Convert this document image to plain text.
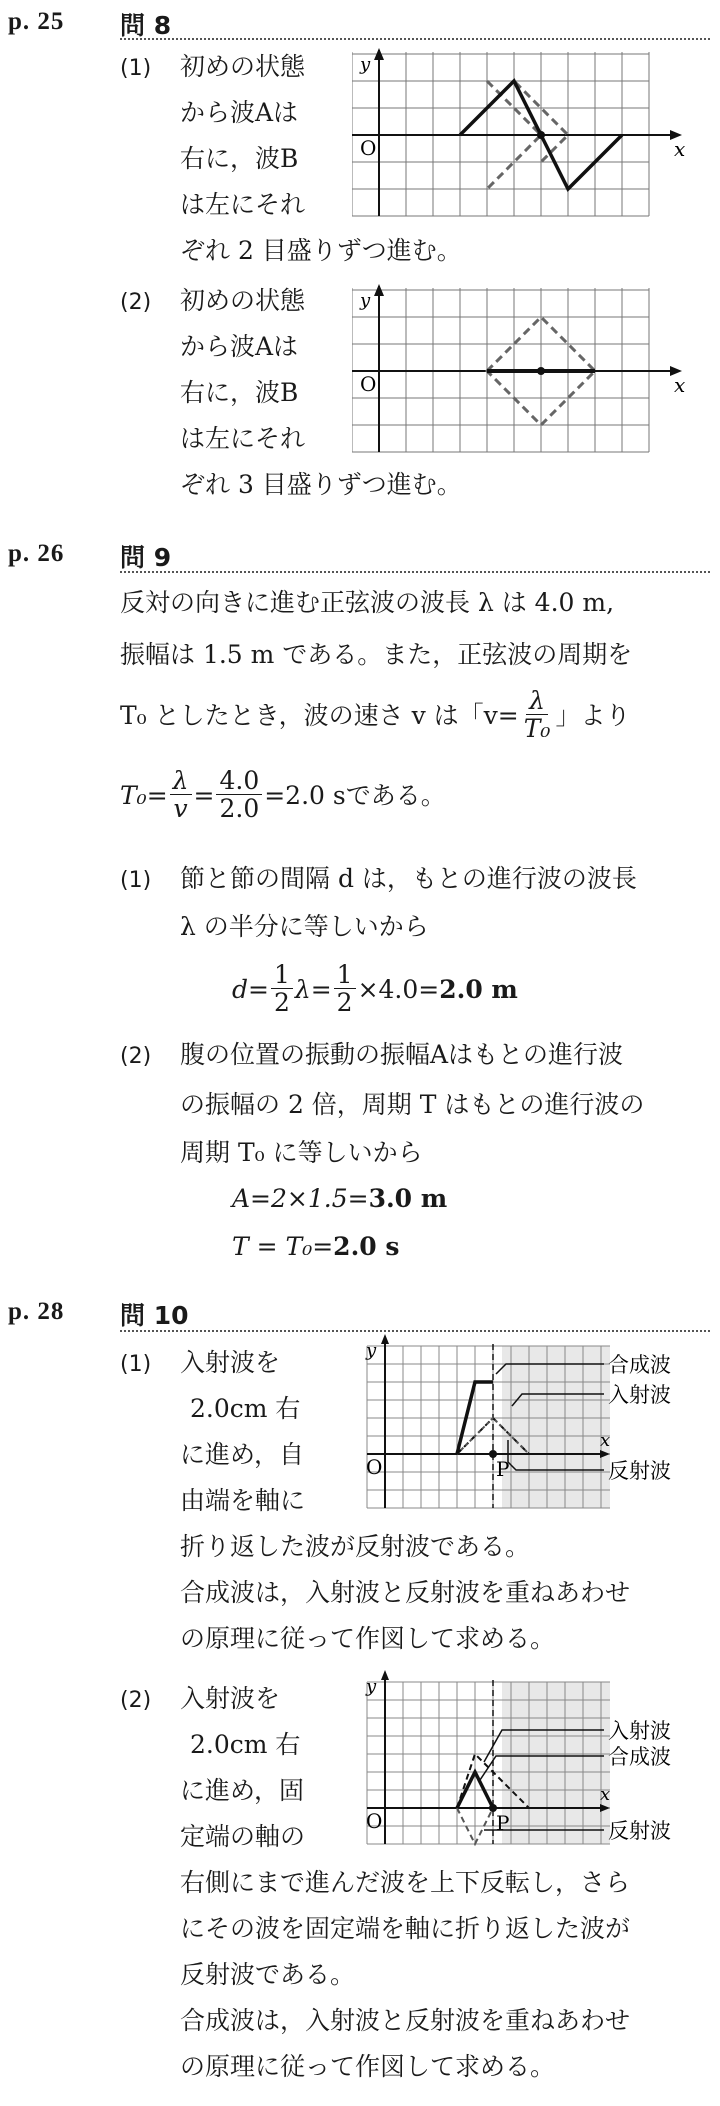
p. 25 問 8
(1) 初めの状態
から波Aは
右に，波B
は左にそれ
ぞれ 2 目盛りずつ進む。
y
O	x
(2) 初めの状態
から波Aは
右に，波B
は左にそれ
ぞれ 3 目盛りずつ進む。
y
O	x
p. 26 問 9
反対の向きに進む正弦波の波長 λ は 4.0 m,
振幅は 1.5 m である。また，正弦波の周期を
T₀ としたとき，波の速さ v は「$v= \frac{\lambda}{\text{T₀}}$ 」より
$T_0= \frac{\lambda}{v} = \frac{4.0}{2.0} =2.0$ s である。
(1) 節と節の間隔 d は，もとの進行波の波長
λ の半分に等しいから
$d= \frac{1}{2} \lambda= \frac{1}{2} \times 4.0= 2.0$ m
(2) 腹の位置の振動の振幅Aはもとの進行波
の振幅の 2 倍，周期 T はもとの進行波の
周期 T₀ に等しいから
A=2×1.5=3.0 m
T = T₀=2.0 s
p. 28 問 10
(1) 入射波を
2.0cm 右
に進め，自
由端を軸に
折り返した波が反射波である。
合成波は，入射波と反射波を重ねあわせ
の原理に従って作図して求める。
y
O	P
x
合成波
入射波
反射波
(2) 入射波を
2.0cm 右
に進め，固
定端の軸の
右側にまで進んだ波を上下反転し，さら
にその波を固定端を軸に折り返した波が
反射波である。
合成波は，入射波と反射波を重ねあわせ
の原理に従って作図して求める。
y
O	P
x
入射波
合成波
反射波
